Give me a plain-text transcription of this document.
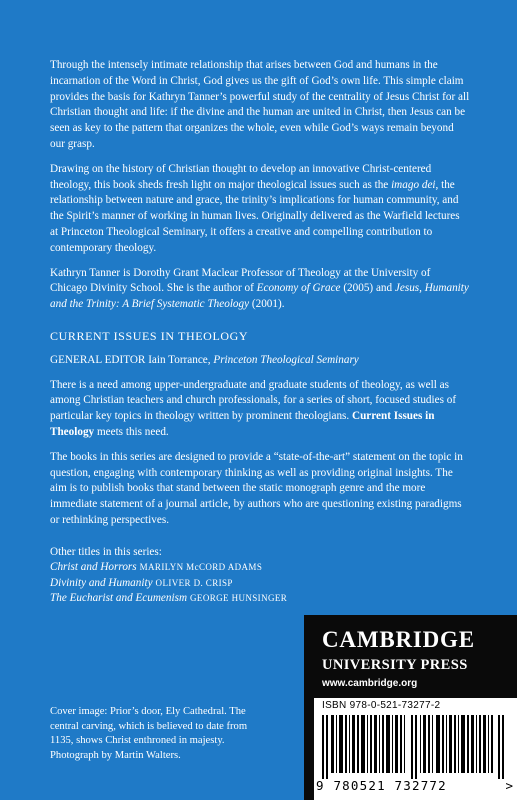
Through the intensely intimate relationship that arises between God and humans in the incarnation of the Word in Christ, God gives us the gift of God’s own life. This simple claim provides the basis for Kathryn Tanner’s powerful study of the centrality of Jesus Christ for all Christian thought and life: if the divine and the human are united in Christ, then Jesus can be seen as key to the pattern that organizes the whole, even while God’s ways remain beyond our grasp.

Drawing on the history of Christian thought to develop an innovative Christ-centered theology, this book sheds fresh light on major theological issues such as the imago dei, the relationship between nature and grace, the trinity’s implications for human community, and the Spirit’s manner of working in human lives. Originally delivered as the Warfield lectures at Princeton Theological Seminary, it offers a creative and compelling contribution to contemporary theology.

Kathryn Tanner is Dorothy Grant Maclear Professor of Theology at the University of Chicago Divinity School. She is the author of Economy of Grace (2005) and Jesus, Humanity and the Trinity: A Brief Systematic Theology (2001).

CURRENT ISSUES IN THEOLOGY

GENERAL EDITOR Iain Torrance, Princeton Theological Seminary

There is a need among upper-undergraduate and graduate students of theology, as well as among Christian teachers and church professionals, for a series of short, focused studies of particular key topics in theology written by prominent theologians. Current Issues in Theology meets this need.

The books in this series are designed to provide a “state-of-the-art” statement on the topic in question, engaging with contemporary thinking as well as providing original insights. The aim is to publish books that stand between the static monograph genre and the more immediate statement of a journal article, by authors who are questioning existing paradigms or rethinking perspectives.

Other titles in this series:
Christ and Horrors MARILYN McCORD ADAMS
Divinity and Humanity OLIVER D. CRISP
The Eucharist and Ecumenism GEORGE HUNSINGER
Cover image: Prior’s door, Ely Cathedral. The central carving, which is believed to date from 1135, shows Christ enthroned in majesty. Photograph by Martin Walters.
CAMBRIDGE
UNIVERSITY PRESS
www.cambridge.org
ISBN 978-0-521-73277-2
9 780521 732772	>
